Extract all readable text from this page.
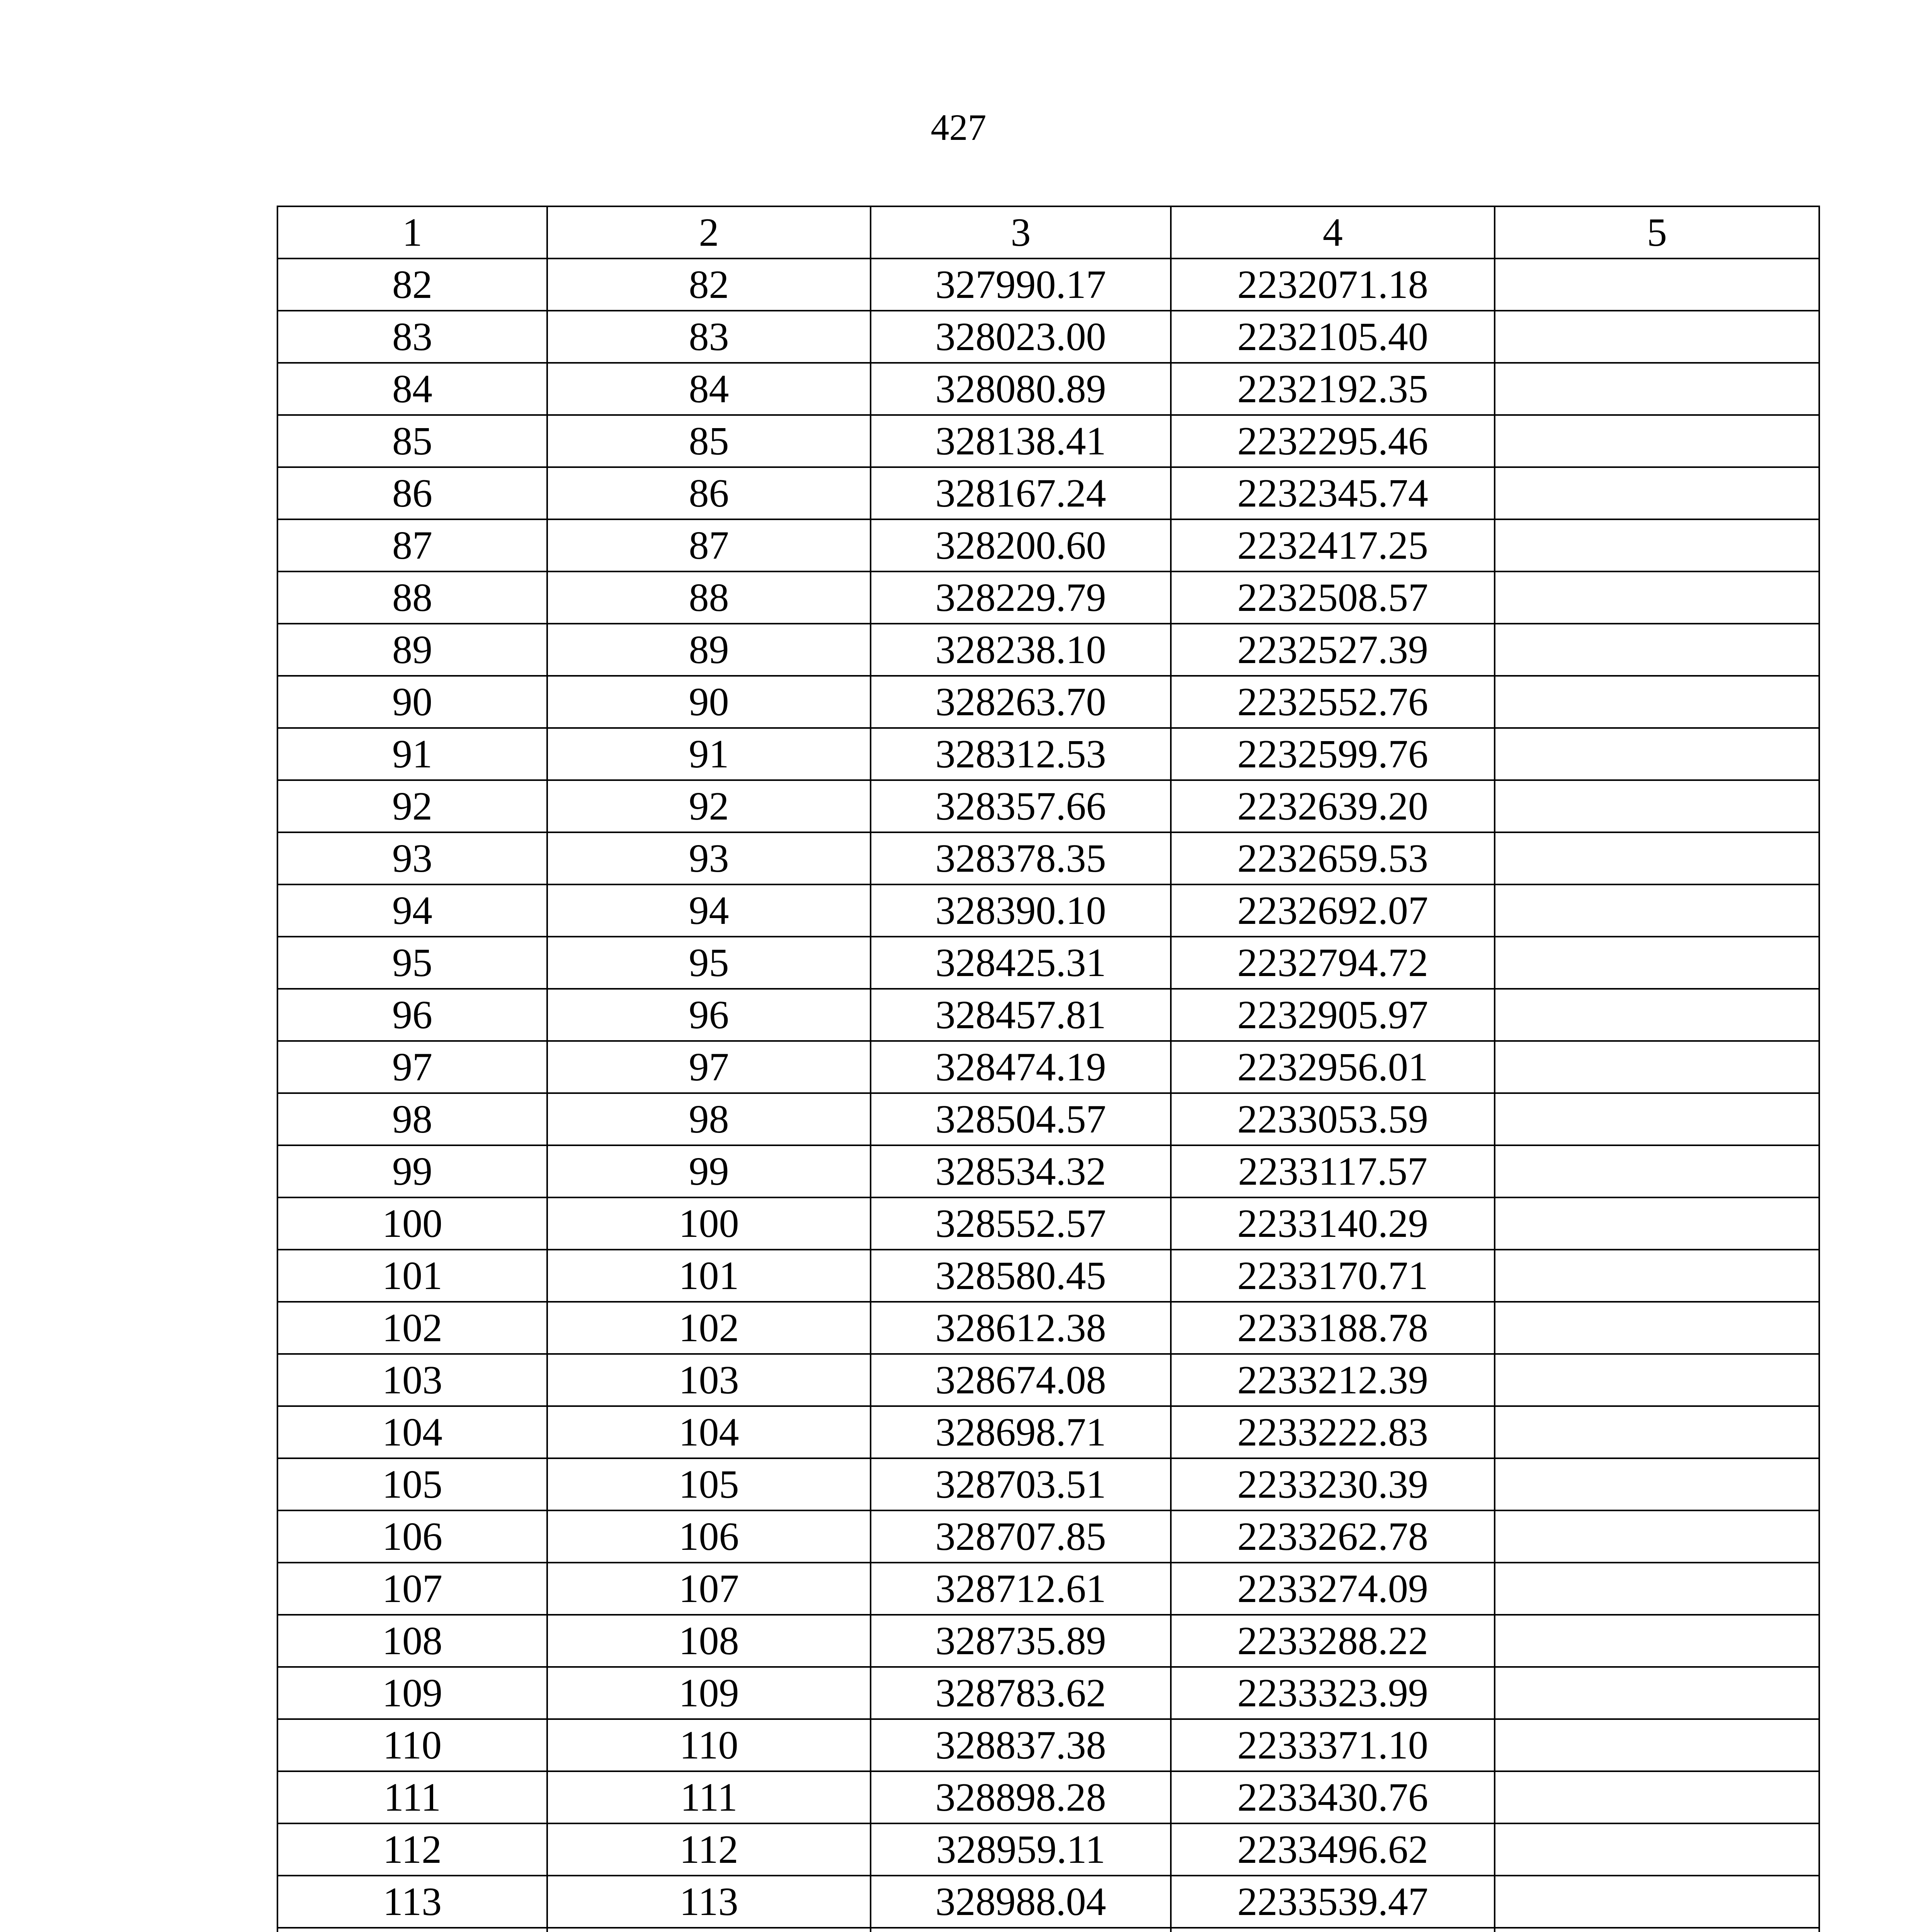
427
1	2	3	4	5
82	82	327990.17	2232071.18	
83	83	328023.00	2232105.40	
84	84	328080.89	2232192.35	
85	85	328138.41	2232295.46	
86	86	328167.24	2232345.74	
87	87	328200.60	2232417.25	
88	88	328229.79	2232508.57	
89	89	328238.10	2232527.39	
90	90	328263.70	2232552.76	
91	91	328312.53	2232599.76	
92	92	328357.66	2232639.20	
93	93	328378.35	2232659.53	
94	94	328390.10	2232692.07	
95	95	328425.31	2232794.72	
96	96	328457.81	2232905.97	
97	97	328474.19	2232956.01	
98	98	328504.57	2233053.59	
99	99	328534.32	2233117.57	
100	100	328552.57	2233140.29	
101	101	328580.45	2233170.71	
102	102	328612.38	2233188.78	
103	103	328674.08	2233212.39	
104	104	328698.71	2233222.83	
105	105	328703.51	2233230.39	
106	106	328707.85	2233262.78	
107	107	328712.61	2233274.09	
108	108	328735.89	2233288.22	
109	109	328783.62	2233323.99	
110	110	328837.38	2233371.10	
111	111	328898.28	2233430.76	
112	112	328959.11	2233496.62	
113	113	328988.04	2233539.47	
